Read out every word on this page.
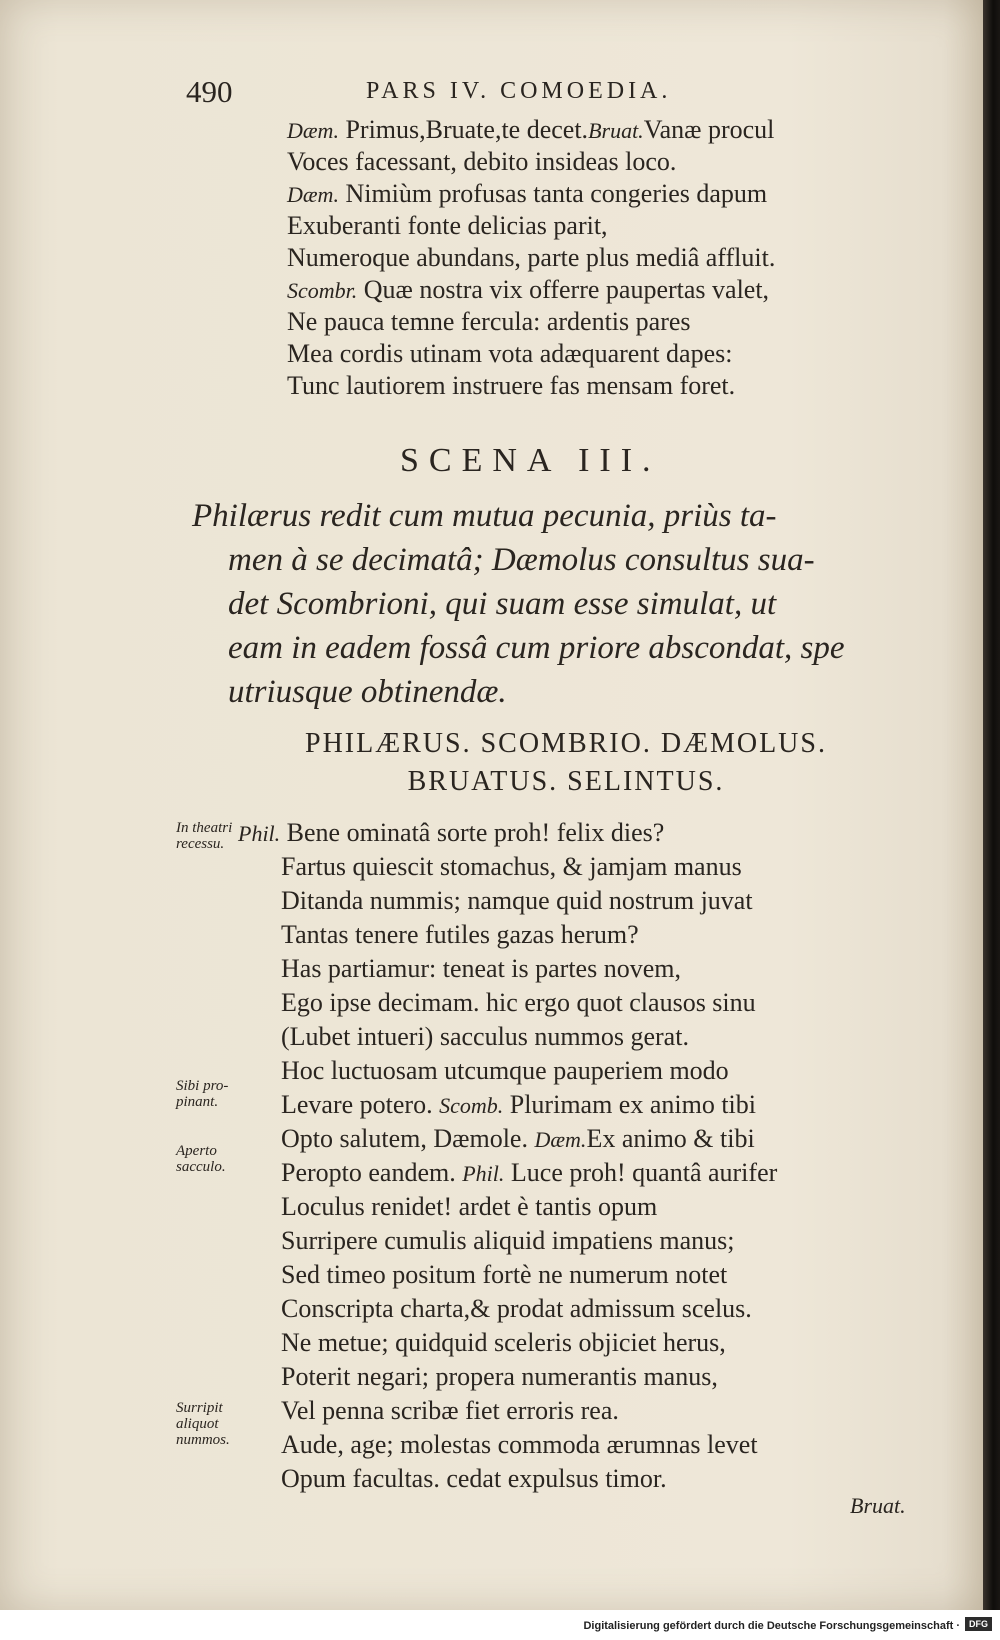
490	PARS IV. COMOEDIA.
Dæm. Primus,Bruate,te decet.Bruat.Vanæ procul
Voces facessant, debito insideas loco.
Dæm. Nimiùm profusas tanta congeries dapum
Exuberanti fonte delicias parit,
Numeroque abundans, parte plus mediâ affluit.
Scombr. Quæ nostra vix offerre paupertas valet,
Ne pauca temne fercula: ardentis pares
Mea cordis utinam vota adæquarent dapes:
Tunc lautiorem instruere fas mensam foret.
SCENA III.
Philærus redit cum mutua pecunia, priùs ta-
men à se decimatâ; Dæmolus consultus sua-
det Scombrioni, qui suam esse simulat, ut
eam in eadem fossâ cum priore abscondat, spe
utriusque obtinendæ.
PHILÆRUS. SCOMBRIO. DÆMOLUS.
BRUATUS. SELINTUS.
In theatri
recessu.
Sibi pro-
pinant.
Aperto
sacculo.
Surripit
aliquot
nummos.
Phil. Bene ominatâ sorte proh! felix dies?
Fartus quiescit stomachus, & jamjam manus
Ditanda nummis; namque quid nostrum juvat
Tantas tenere futiles gazas herum?
Has partiamur: teneat is partes novem,
Ego ipse decimam. hic ergo quot clausos sinu
(Lubet intueri) sacculus nummos gerat.
Hoc luctuosam utcumque pauperiem modo
Levare potero. Scomb. Plurimam ex animo tibi
Opto salutem, Dæmole. Dæm.Ex animo & tibi
Peropto eandem. Phil. Luce proh! quantâ aurifer
Loculus renidet! ardet è tantis opum
Surripere cumulis aliquid impatiens manus;
Sed timeo positum fortè ne numerum notet
Conscripta charta,& prodat admissum scelus.
Ne metue; quidquid sceleris objiciet herus,
Poterit negari; propera numerantis manus,
Vel penna scribæ fiet erroris rea.
Aude, age; molestas commoda ærumnas levet
Opum facultas. cedat expulsus timor.
Bruat.
Digitalisierung gefördert durch die Deutsche Forschungsgemeinschaft ·	DFG
